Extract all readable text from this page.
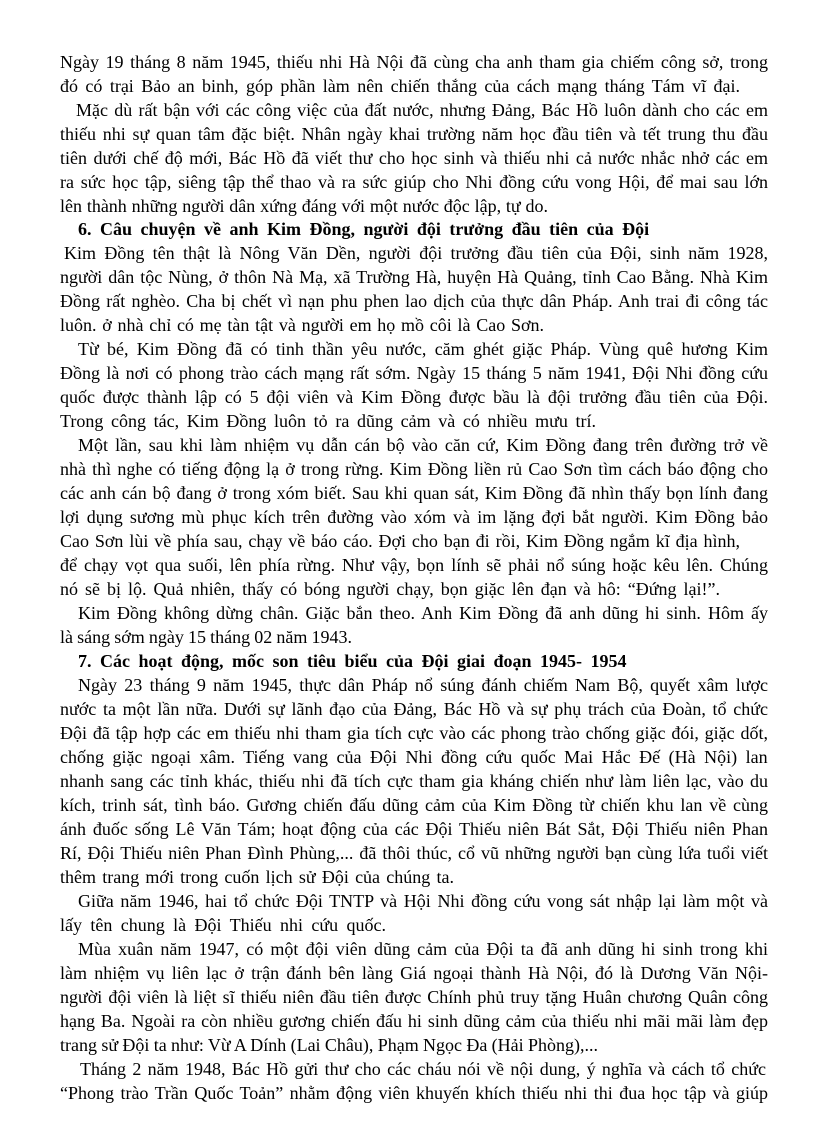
Ngày 19 tháng 8 năm 1945, thiếu nhi Hà Nội đã cùng cha anh tham gia chiếm công sở, trong
đó có trại Bảo an binh, góp phần làm nên chiến thắng của cách mạng tháng Tám vĩ đại.
Mặc dù rất bận với các công việc của đất nước, nhưng Đảng, Bác Hồ luôn dành cho các em
thiếu nhi sự quan tâm đặc biệt. Nhân ngày khai trường năm học đầu tiên và tết trung thu đầu
tiên dưới chế độ mới, Bác Hồ đã viết thư cho học sinh và thiếu nhi cả nước nhắc nhở các em
ra sức học tập, siêng tập thể thao và ra sức giúp cho Nhi đồng cứu vong Hội, để mai sau lớn
lên thành những người dân xứng đáng với một nước độc lập, tự do.
6. Câu chuyện về anh Kim Đồng, người đội trưởng đầu tiên của Đội
Kim Đồng tên thật là Nông Văn Dền, người đội trưởng đầu tiên của Đội, sinh năm 1928,
người dân tộc Nùng, ở thôn Nà Mạ, xã Trường Hà, huyện Hà Quảng, tỉnh Cao Bằng. Nhà Kim
Đồng rất nghèo. Cha bị chết vì nạn phu phen lao dịch của thực dân Pháp. Anh trai đi công tác
luôn. ở nhà chỉ có mẹ tàn tật và người em họ mồ côi là Cao Sơn.
Từ bé, Kim Đồng đã có tinh thần yêu nước, căm ghét giặc Pháp. Vùng quê hương Kim
Đồng là nơi có phong trào cách mạng rất sớm. Ngày 15 tháng 5 năm 1941, Đội Nhi đồng cứu
quốc được thành lập có 5 đội viên và Kim Đồng được bầu là đội trưởng đầu tiên của Đội.
Trong công tác, Kim Đồng luôn tỏ ra dũng cảm và có nhiều mưu trí.
Một lần, sau khi làm nhiệm vụ dẫn cán bộ vào căn cứ, Kim Đồng đang trên đường trở về
nhà thì nghe có tiếng động lạ ở trong rừng. Kim Đồng liền rủ Cao Sơn tìm cách báo động cho
các anh cán bộ đang ở trong xóm biết. Sau khi quan sát, Kim Đồng đã nhìn thấy bọn lính đang
lợi dụng sương mù phục kích trên đường vào xóm và im lặng đợi bắt người. Kim Đồng bảo
Cao Sơn lùi về phía sau, chạy về báo cáo. Đợi cho bạn đi rồi, Kim Đồng ngắm kĩ địa hình,
để chạy vọt qua suối, lên phía rừng. Như vậy, bọn lính sẽ phải nổ súng hoặc kêu lên. Chúng
nó sẽ bị lộ. Quả nhiên, thấy có bóng người chạy, bọn giặc lên đạn và hô: “Đứng lại!”.
Kim Đồng không dừng chân. Giặc bắn theo. Anh Kim Đồng đã anh dũng hi sinh. Hôm ấy
là sáng sớm ngày 15 tháng 02 năm 1943.
7. Các hoạt động, mốc son tiêu biểu của Đội giai đoạn 1945- 1954
Ngày 23 tháng 9 năm 1945, thực dân Pháp nổ súng đánh chiếm Nam Bộ, quyết xâm lược
nước ta một lần nữa. Dưới sự lãnh đạo của Đảng, Bác Hồ và sự phụ trách của Đoàn, tổ chức
Đội đã tập hợp các em thiếu nhi tham gia tích cực vào các phong trào chống giặc đói, giặc dốt,
chống giặc ngoại xâm. Tiếng vang của Đội Nhi đồng cứu quốc Mai Hắc Đế (Hà Nội) lan
nhanh sang các tỉnh khác, thiếu nhi đã tích cực tham gia kháng chiến như làm liên lạc, vào du
kích, trinh sát, tình báo. Gương chiến đấu dũng cảm của Kim Đồng từ chiến khu lan về cùng
ánh đuốc sống Lê Văn Tám; hoạt động của các Đội Thiếu niên Bát Sắt, Đội Thiếu niên Phan
Rí, Đội Thiếu niên Phan Đình Phùng,... đã thôi thúc, cổ vũ những người bạn cùng lứa tuổi viết
thêm trang mới trong cuốn lịch sử Đội của chúng ta.
Giữa năm 1946, hai tổ chức Đội TNTP và Hội Nhi đồng cứu vong sát nhập lại làm một và
lấy tên chung là Đội Thiếu nhi cứu quốc.
Mùa xuân năm 1947, có một đội viên dũng cảm của Đội ta đã anh dũng hi sinh trong khi
làm nhiệm vụ liên lạc ở trận đánh bên làng Giá ngoại thành Hà Nội, đó là Dương Văn Nội-
người đội viên là liệt sĩ thiếu niên đầu tiên được Chính phủ truy tặng Huân chương Quân công
hạng Ba. Ngoài ra còn nhiều gương chiến đấu hi sinh dũng cảm của thiếu nhi mãi mãi làm đẹp
trang sử Đội ta như: Vừ A Dính (Lai Châu), Phạm Ngọc Đa (Hải Phòng),...
Tháng 2 năm 1948, Bác Hồ gửi thư cho các cháu nói về nội dung, ý nghĩa và cách tổ chức
“Phong trào Trần Quốc Toản” nhằm động viên khuyến khích thiếu nhi thi đua học tập và giúp
